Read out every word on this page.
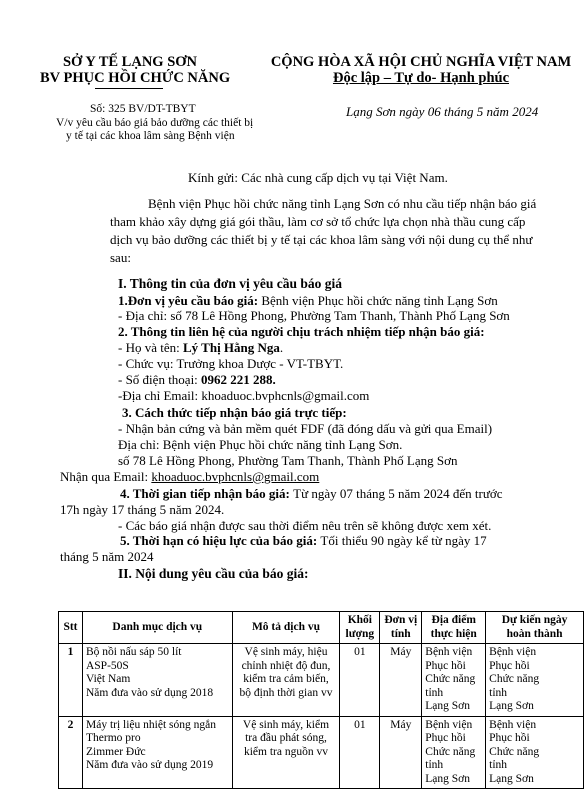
SỞ Y TẾ LẠNG SƠN
BV PHỤC HỒI CHỨC NĂNG
Số: 325 BV/DT-TBYT
V/v yêu cầu báo giá bảo dưỡng các thiết bị
y tế tại các khoa lâm sàng Bệnh viện
CỘNG HÒA XÃ HỘI CHỦ NGHĨA VIỆT NAM
Độc lập – Tự do- Hạnh phúc
Lạng Sơn ngày 06 tháng 5 năm 2024
Kính gửi: Các nhà cung cấp dịch vụ tại Việt Nam.
Bệnh viện Phục hồi chức năng tỉnh Lạng Sơn có nhu cầu tiếp nhận báo giá
tham khảo xây dựng giá gói thầu, làm cơ sở tổ chức lựa chọn nhà thầu cung cấp
dịch vụ bảo dưỡng các thiết bị y tế tại các khoa lâm sàng với nội dung cụ thể như
sau:
I. Thông tin của đơn vị yêu cầu báo giá
1.Đơn vị yêu cầu báo giá: Bệnh viện Phục hồi chức năng tỉnh Lạng Sơn
- Địa chỉ: số 78 Lê Hồng Phong, Phường Tam Thanh, Thành Phố Lạng Sơn
2. Thông tin liên hệ của người chịu trách nhiệm tiếp nhận báo giá:
- Họ và tên: Lý Thị Hằng Nga.
- Chức vụ: Trưởng khoa Dược - VT-TBYT.
- Số điện thoại: 0962 221 288.
-Địa chỉ Email: khoaduoc.bvphcnls@gmail.com
3. Cách thức tiếp nhận báo giá trực tiếp:
- Nhận bản cứng và bản mềm quét FDF (đã đóng dấu và gửi qua Email)
Địa chỉ: Bệnh viện Phục hồi chức năng tỉnh Lạng Sơn.
số 78 Lê Hồng Phong, Phường Tam Thanh, Thành Phố Lạng Sơn
Nhận qua Email: khoaduoc.bvphcnls@gmail.com
4. Thời gian tiếp nhận báo giá: Từ ngày 07 tháng 5 năm 2024 đến trước
17h ngày 17 tháng 5 năm 2024.
- Các báo giá nhận được sau thời điểm nêu trên sẽ không được xem xét.
5. Thời hạn có hiệu lực của báo giá: Tối thiểu 90 ngày kể từ ngày 17
tháng 5 năm 2024
II. Nội dung yêu cầu của báo giá:
Stt	Danh mục dịch vụ	Mô tả dịch vụ	Khối lượng	Đơn vị tính	Địa điểm thực hiện	Dự kiến ngày hoàn thành
1	Bộ nồi nấu sáp 50 lít
ASP-50S
Việt Nam
Năm đưa vào sử dụng 2018	Vệ sinh máy, hiệu
chỉnh nhiệt độ đun,
kiểm tra cảm biến,
bộ định thời gian vv	01	Máy	Bệnh viện
Phục hồi
Chức năng
tỉnh
Lạng Sơn	Bệnh viện
Phục hồi
Chức năng
tỉnh
Lạng Sơn

2	Máy trị liệu nhiệt sóng ngắn
Thermo pro
Zimmer Đức
Năm đưa vào sử dụng 2019	Vệ sinh máy, kiểm
tra đầu phát sóng,
kiểm tra nguồn vv	01	Máy	Bệnh viện
Phục hồi
Chức năng
tỉnh
Lạng Sơn	Bệnh viện
Phục hồi
Chức năng
tỉnh
Lạng Sơn
